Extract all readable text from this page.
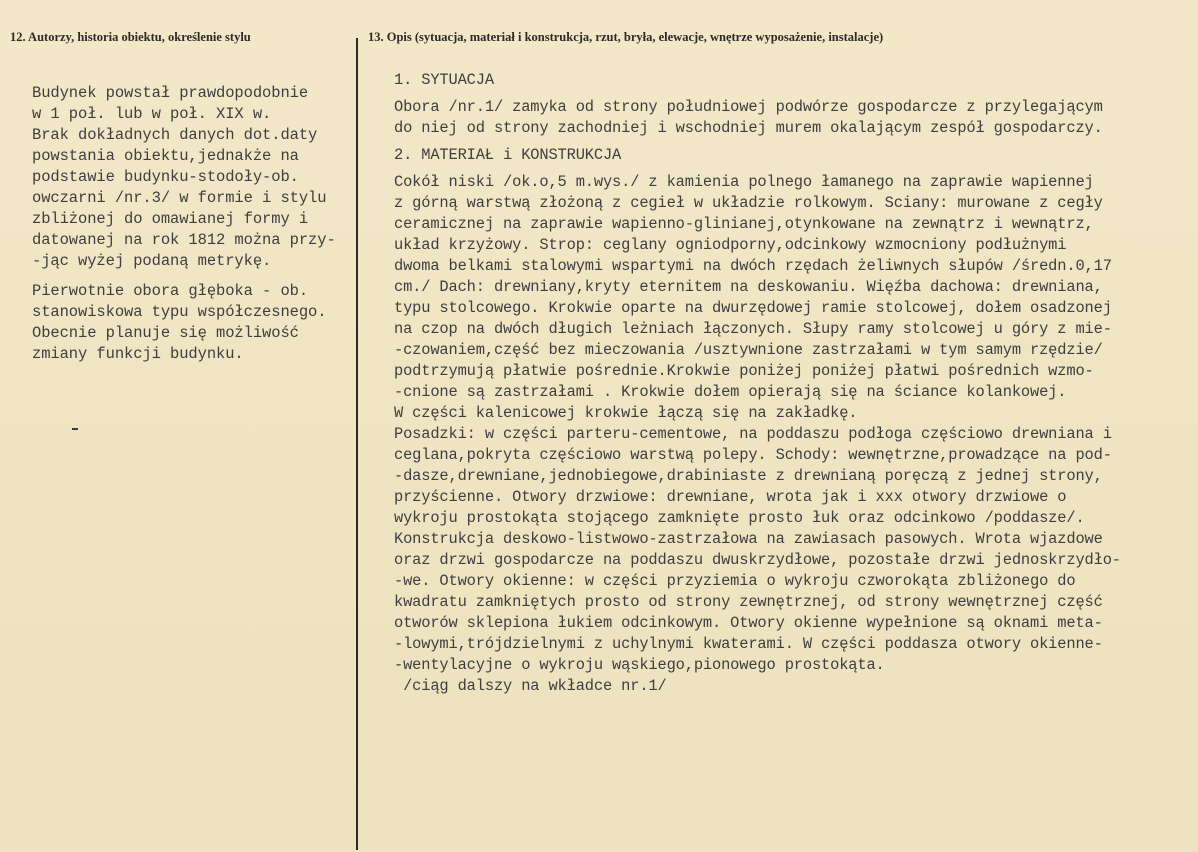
12. Autorzy, historia obiektu, określenie stylu	13. Opis (sytuacja, materiał i konstrukcja, rzut, bryła, elewacje, wnętrze wyposażenie, instalacje)
Budynek powstał prawdopodobnie
w 1 poł. lub w poł. XIX w.
Brak dokładnych danych dot.daty
powstania obiektu,jednakże na
podstawie budynku-stodoły-ob.
owczarni /nr.3/ w formie i stylu
zbliżonej do omawianej formy i
datowanej na rok 1812 można przy-
-jąc wyżej podaną metrykę.
Pierwotnie obora głęboka - ob.
stanowiskowa typu współczesnego.
Obecnie planuje się możliwość
zmiany funkcji budynku.
1. SYTUACJA
Obora /nr.1/ zamyka od strony południowej podwórze gospodarcze z przylegającym
do niej od strony zachodniej i wschodniej murem okalającym zespół gospodarczy.
2. MATERIAŁ i KONSTRUKCJA
Cokół niski /ok.o,5 m.wys./ z kamienia polnego łamanego na zaprawie wapiennej
z górną warstwą złożoną z cegieł w układzie rolkowym. Sciany: murowane z cegły
ceramicznej na zaprawie wapienno-glinianej,otynkowane na zewnątrz i wewnątrz,
układ krzyżowy. Strop: ceglany ogniodporny,odcinkowy wzmocniony podłużnymi
dwoma belkami stalowymi wspartymi na dwóch rzędach żeliwnych słupów /średn.0,17
cm./ Dach: drewniany,kryty eternitem na deskowaniu. Więźba dachowa: drewniana,
typu stolcowego. Krokwie oparte na dwurzędowej ramie stolcowej, dołem osadzonej
na czop na dwóch długich leżniach łączonych. Słupy ramy stolcowej u góry z mie-
-czowaniem,część bez mieczowania /usztywnione zastrzałami w tym samym rzędzie/
podtrzymują płatwie pośrednie.Krokwie poniżej poniżej płatwi pośrednich wzmo-
-cnione są zastrzałami . Krokwie dołem opierają się na ściance kolankowej.
W części kalenicowej krokwie łączą się na zakładkę.
Posadzki: w części parteru-cementowe, na poddaszu podłoga częściowo drewniana i
ceglana,pokryta częściowo warstwą polepy. Schody: wewnętrzne,prowadzące na pod-
-dasze,drewniane,jednobiegowe,drabiniaste z drewnianą poręczą z jednej strony,
przyścienne. Otwory drzwiowe: drewniane, wrota jak i xxx otwory drzwiowe o
wykroju prostokąta stojącego zamknięte prosto łuk oraz odcinkowo /poddasze/.
Konstrukcja deskowo-listwowo-zastrzałowa na zawiasach pasowych. Wrota wjazdowe
oraz drzwi gospodarcze na poddaszu dwuskrzydłowe, pozostałe drzwi jednoskrzydło-
-we. Otwory okienne: w części przyziemia o wykroju czworokąta zbliżonego do
kwadratu zamkniętych prosto od strony zewnętrznej, od strony wewnętrznej część
otworów sklepiona łukiem odcinkowym. Otwory okienne wypełnione są oknami meta-
-lowymi,trójdzielnymi z uchylnymi kwaterami. W części poddasza otwory okienne-
-wentylacyjne o wykroju wąskiego,pionowego prostokąta.
/ciąg dalszy na wkładce nr.1/
